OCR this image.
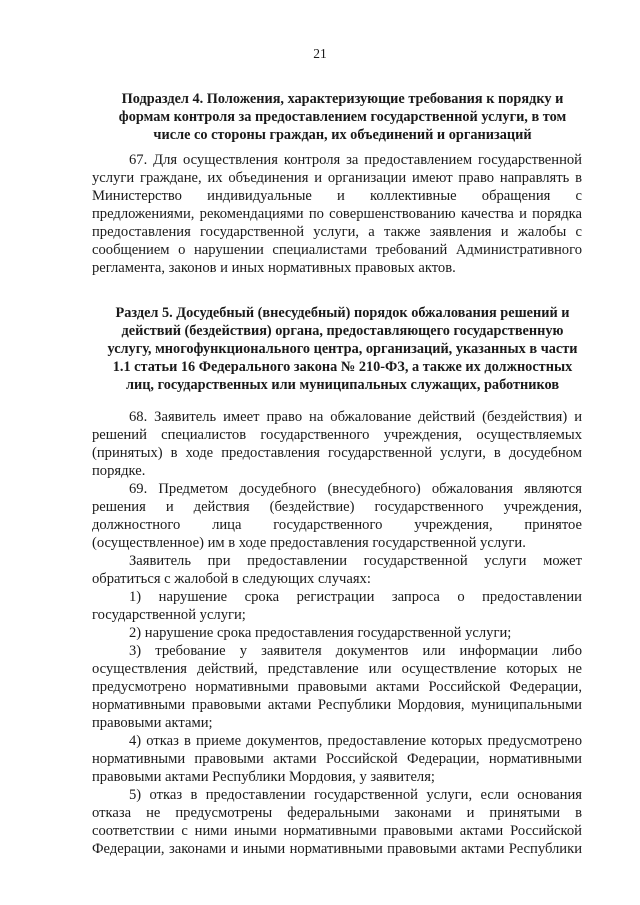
21
Подраздел 4. Положения, характеризующие требования к порядку и
формам контроля за предоставлением государственной услуги, в том
числе со стороны граждан, их объединений и организаций
67. Для осуществления контроля за предоставлением государственной
услуги граждане, их объединения и организации имеют право направлять в
Министерство индивидуальные и коллективные обращения с
предложениями, рекомендациями по совершенствованию качества и порядка
предоставления государственной услуги, а также заявления и жалобы с
сообщением о нарушении специалистами требований Административного
регламента, законов и иных нормативных правовых актов.
Раздел 5. Досудебный (внесудебный) порядок обжалования решений и
действий (бездействия) органа, предоставляющего государственную
услугу, многофункционального центра, организаций, указанных в части
1.1 статьи 16 Федерального закона № 210-ФЗ, а также их должностных
лиц, государственных или муниципальных служащих, работников
68. Заявитель имеет право на обжалование действий (бездействия) и
решений специалистов государственного учреждения, осуществляемых
(принятых) в ходе предоставления государственной услуги, в досудебном
порядке.
69. Предметом досудебного (внесудебного) обжалования являются
решения и действия (бездействие) государственного учреждения,
должностного лица государственного учреждения, принятое
(осуществленное) им в ходе предоставления государственной услуги.
Заявитель при предоставлении государственной услуги может
обратиться с жалобой в следующих случаях:
1) нарушение срока регистрации запроса о предоставлении
государственной услуги;
2) нарушение срока предоставления государственной услуги;
3) требование у заявителя документов или информации либо
осуществления действий, представление или осуществление которых не
предусмотрено нормативными правовыми актами Российской Федерации,
нормативными правовыми актами Республики Мордовия, муниципальными
правовыми актами;
4) отказ в приеме документов, предоставление которых предусмотрено
нормативными правовыми актами Российской Федерации, нормативными
правовыми актами Республики Мордовия, у заявителя;
5) отказ в предоставлении государственной услуги, если основания
отказа не предусмотрены федеральными законами и принятыми в
соответствии с ними иными нормативными правовыми актами Российской
Федерации, законами и иными нормативными правовыми актами Республики
